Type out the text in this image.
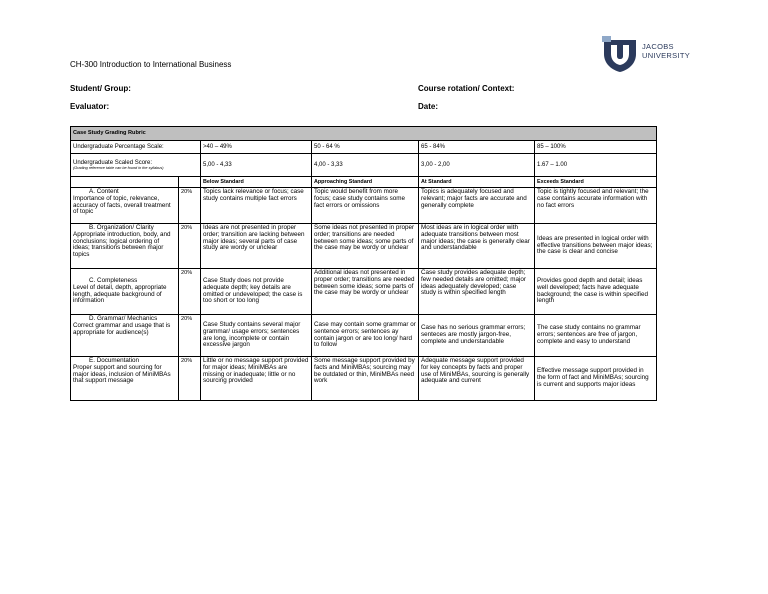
CH-300 Introduction to International Business
JACOBS
UNIVERSITY
Student/ Group:	Course rotation/ Context:
Evaluator:	Date:
Case Study Grading Rubric					
Undergraduate Percentage Scale:		>40 – 49%	50 - 64 %	65 - 84%	85 – 100%
Undergraduate Scaled Score:
(Grading reference table can be found in the syllabus)		5,00 - 4,33	4,00 - 3,33	3,00 - 2,00	1.67 – 1.00
		Below Standard	Approaching Standard	At Standard	Exceeds Standard

A. Content
Importance of topic, relevance, accuracy of facts, overall treatment of topic	20%	Topics lack relevance or focus; case study contains multiple fact errors	Topic would benefit from more focus; case study contains some fact errors or omissions	Topics is adequately focused and relevant; major facts are accurate and generally complete	Topic is tightly focused and relevant; the case contains accurate information with no fact errors

B. Organization/ Clarity
Appropriate introduction, body, and conclusions; logical ordering of ideas; transitions between major topics	20%	Ideas are not presented in proper order; transition are lacking between major ideas; several parts of case study are wordy or unclear	Some ideas not presented in proper order; transitions are needed between some ideas; some parts of the case may be wordy or unclear	Most ideas are in logical order with adequate transitions between most major ideas; the case is generally clear and understandable	Ideas are presented in logical order with effective transitions between major ideas; the case is clear and concise

C. Completeness
Level of detail, depth, appropriate length, adequate background of information	20%	Case Study does not provide adequate depth; key details are omitted or undeveloped; the case is too short or too long	Additional ideas not presented in proper order; transitions are needed between some ideas; some parts of the case may be wordy or unclear	Case study provides adequate depth; few needed details are omitted; major ideas adequately developed; case study is within specified length	Provides good depth and detail; ideas well developed; facts have adequate background; the case is within specified length

D. Grammar/ Mechanics
Correct grammar and usage that is appropriate for audience(s)	20%	Case Study contains several major grammar/ usage errors; sentences are long, incomplete or contain excessive jargon	Case may contain some grammar or sentence errors; sentences ay contain jargon or are too long/ hard to follow	Case has no serious grammar errors; senteces are mostly jargon-free, complete and understandable	The case study contains no grammar errors; sentences are free of jargon, complete and easy to understand

E. Documentation
Proper support and sourcing for major ideas, inclusion of MiniMBAs that support message	20%	Little or no message support provided for major ideas; MiniMBAs are missing or inadequate; little or no sourcing provided	Some message support provided by facts and MiniMBAs; sourcing may be outdated or thin, MiniMBAs need work	Adequate message support provided for key concepts by facts and proper use of MiniMBAs, sourcing is generally adequate and current	Effective message support provided in the form of fact and MiniMBAs; sourcing is current and supports major ideas
